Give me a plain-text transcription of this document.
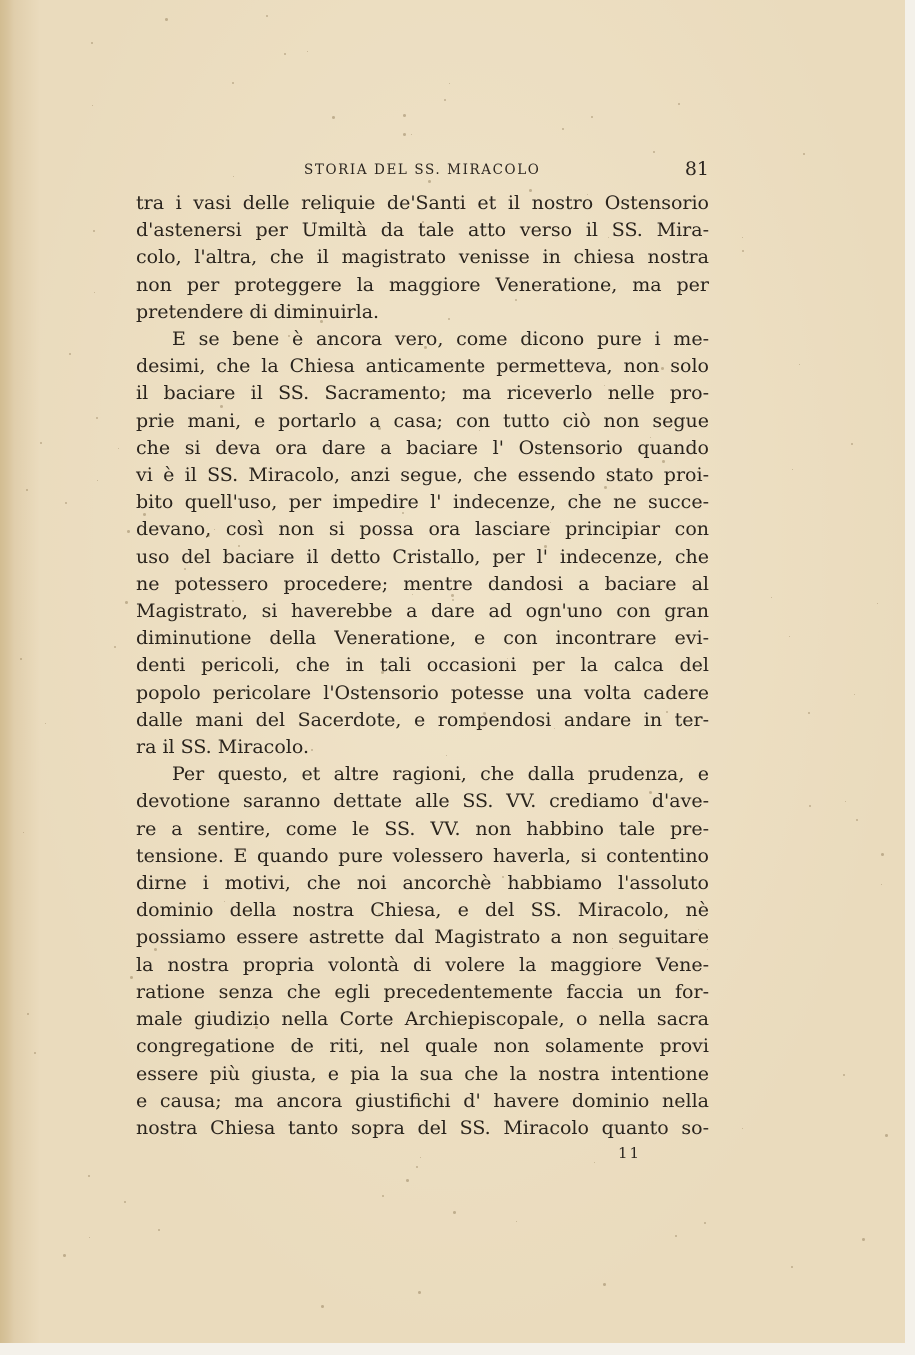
STORIA DEL SS. MIRACOLO	81
tra i vasi delle reliquie de'Santi et il nostro Ostensorio
d'astenersi per Umiltà da tale atto verso il SS. Mira-
colo, l'altra, che il magistrato venisse in chiesa nostra
non per proteggere la maggiore Veneratione, ma per
pretendere di diminuirla.
E se bene è ancora vero, come dicono pure i me-
desimi, che la Chiesa anticamente permetteva, non solo
il baciare il SS. Sacramento; ma riceverlo nelle pro-
prie mani, e portarlo a casa; con tutto ciò non segue
che si deva ora dare a baciare l' Ostensorio quando
vi è il SS. Miracolo, anzi segue, che essendo stato proi-
bito quell'uso, per impedire l' indecenze, che ne succe-
devano, così non si possa ora lasciare principiar con
uso del baciare il detto Cristallo, per l' indecenze, che
ne potessero procedere; mentre dandosi a baciare al
Magistrato, si haverebbe a dare ad ogn'uno con gran
diminutione della Veneratione, e con incontrare evi-
denti pericoli, che in tali occasioni per la calca del
popolo pericolare l'Ostensorio potesse una volta cadere
dalle mani del Sacerdote, e rompendosi andare in ter-
ra il SS. Miracolo.
Per questo, et altre ragioni, che dalla prudenza, e
devotione saranno dettate alle SS. VV. crediamo d'ave-
re a sentire, come le SS. VV. non habbino tale pre-
tensione. E quando pure volessero haverla, si contentino
dirne i motivi, che noi ancorchè habbiamo l'assoluto
dominio della nostra Chiesa, e del SS. Miracolo, nè
possiamo essere astrette dal Magistrato a non seguitare
la nostra propria volontà di volere la maggiore Vene-
ratione senza che egli precedentemente faccia un for-
male giudizio nella Corte Archiepiscopale, o nella sacra
congregatione de riti, nel quale non solamente provi
essere più giusta, e pia la sua che la nostra intentione
e causa; ma ancora giustifichi d' havere dominio nella
nostra Chiesa tanto sopra del SS. Miracolo quanto so-
11
